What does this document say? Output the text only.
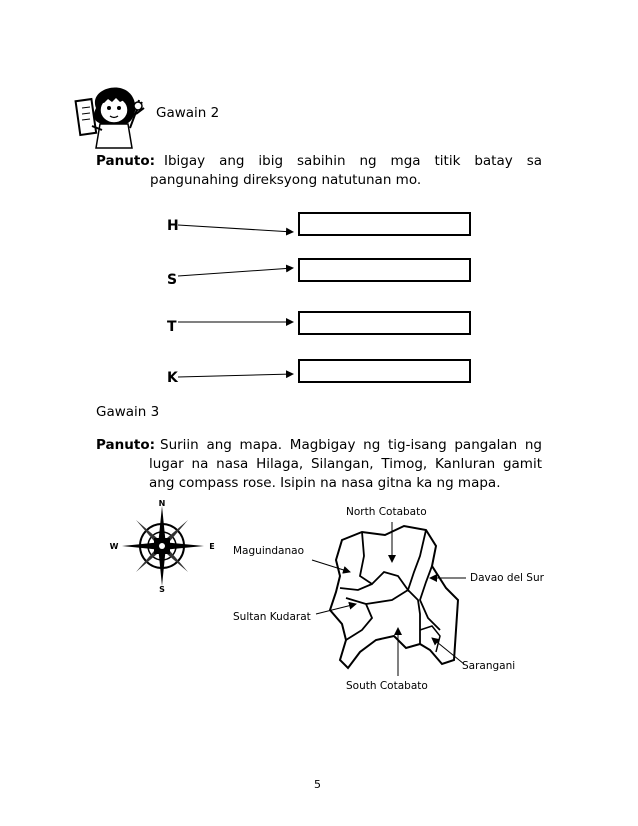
Gawain 2
Panuto: Ibigay ang ibig sabihin ng mga titik batay sa
pangunahing direksyong natutunan mo.
H
S
T
K
Gawain 3
Panuto: Suriin ang mapa. Magbigay ng tig-isang pangalan ng
lugar na nasa Hilaga, Silangan, Timog, Kanluran gamit
ang compass rose. Isipin na nasa gitna ka ng mapa.
N
S
W	E
North Cotabato
Maguindanao
Davao del Sur
Sultan Kudarat
Sarangani
South Cotabato
5
